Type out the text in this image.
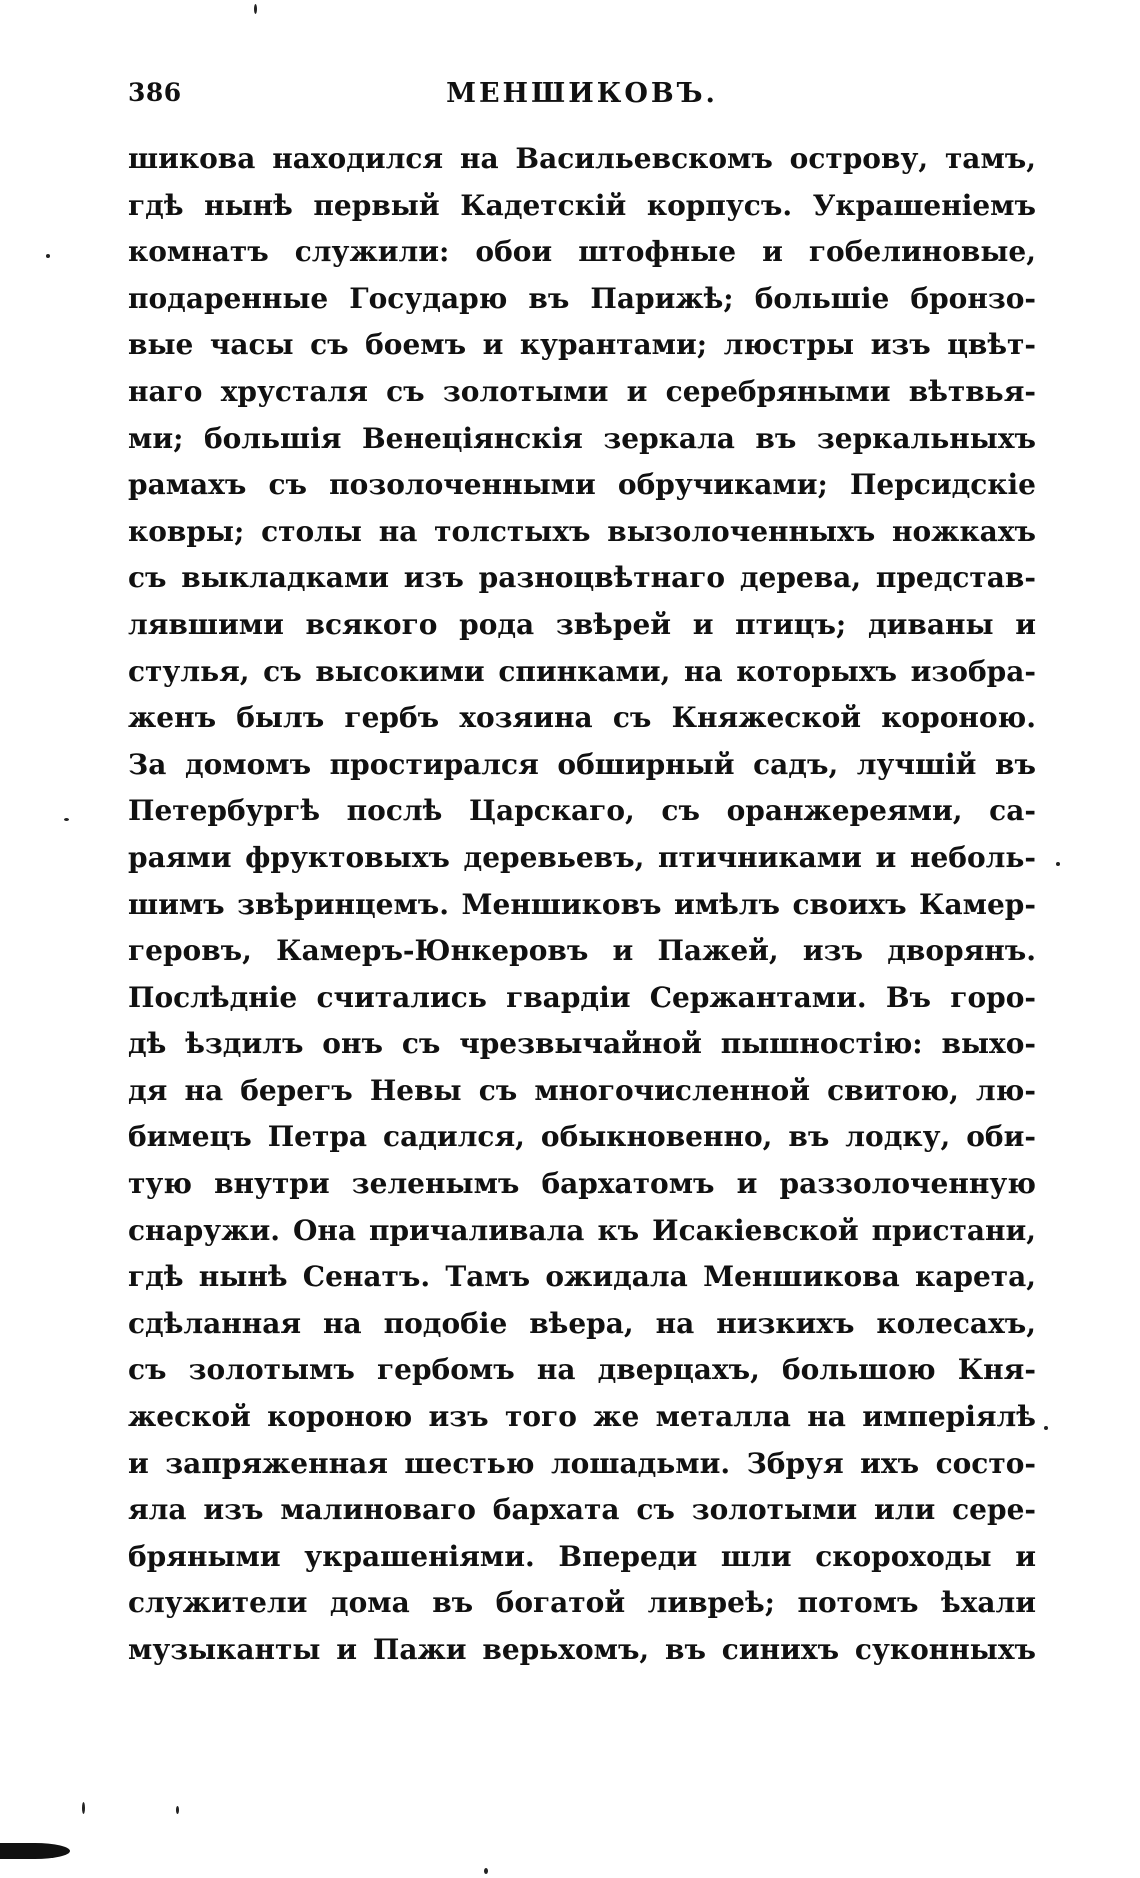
386	МЕНШИКОВЪ.
шикова находился на Васильевскомъ острову, тамъ,
гдѣ нынѣ первый Кадетскій корпусъ. Украшеніемъ
комнатъ служили: обои штофные и гобелиновые,
подаренные Государю въ Парижѣ; большіе бронзо-
вые часы съ боемъ и курантами; люстры изъ цвѣт-
наго хрусталя съ золотыми и серебряными вѣтвья-
ми; большія Венеціянскія зеркала въ зеркальныхъ
рамахъ съ позолоченными обручиками; Персидскіе
ковры; столы на толстыхъ вызолоченныхъ ножкахъ
съ выкладками изъ разноцвѣтнаго дерева, представ-
лявшими всякого рода звѣрей и птицъ; диваны и
стулья, съ высокими спинками, на которыхъ изобра-
женъ былъ гербъ хозяина съ Княжеской короною.
За домомъ простирался обширный садъ, лучшій въ
Петербургѣ послѣ Царскаго, съ оранжереями, са-
раями фруктовыхъ деревьевъ, птичниками и неболь-
шимъ звѣринцемъ. Меншиковъ имѣлъ своихъ Камер-
геровъ, Камеръ-Юнкеровъ и Пажей, изъ дворянъ.
Послѣдніе считались гвардіи Сержантами. Въ горо-
дѣ ѣздилъ онъ съ чрезвычайной пышностію: выхо-
дя на берегъ Невы съ многочисленной свитою, лю-
бимецъ Петра садился, обыкновенно, въ лодку, оби-
тую внутри зеленымъ бархатомъ и раззолоченную
снаружи. Она причаливала къ Исакіевской пристани,
гдѣ нынѣ Сенатъ. Тамъ ожидала Меншикова карета,
сдѣланная на подобіе вѣера, на низкихъ колесахъ,
съ золотымъ гербомъ на дверцахъ, большою Кня-
жеской короною изъ того же металла на имперіялѣ
и запряженная шестью лошадьми. Збруя ихъ состо-
яла изъ малиноваго бархата съ золотыми или сере-
бряными украшеніями. Впереди шли скороходы и
служители дома въ богатой ливреѣ; потомъ ѣхали
музыканты и Пажи верьхомъ, въ синихъ суконныхъ
